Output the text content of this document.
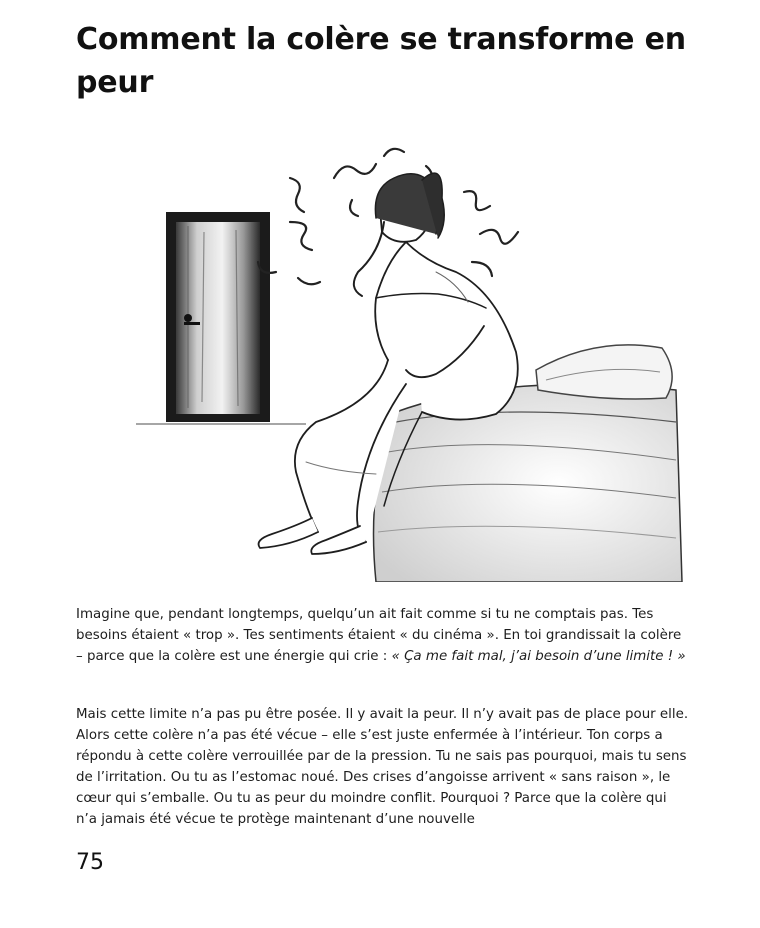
Comment la colère se transforme en peur

Imagine que, pendant longtemps, quelqu’un ait fait comme si tu ne comptais pas. Tes besoins étaient « trop ». Tes sentiments étaient « du cinéma ». En toi grandissait la colère – parce que la colère est une énergie qui crie : « Ça me fait mal, j’ai besoin d’une limite ! »

Mais cette limite n’a pas pu être posée. Il y avait la peur. Il n’y avait pas de place pour elle. Alors cette colère n’a pas été vécue – elle s’est juste enfermée à l’intérieur. Ton corps a répondu à cette colère verrouillée par de la pression. Tu ne sais pas pourquoi, mais tu sens de l’irritation. Ou tu as l’estomac noué. Des crises d’angoisse arrivent « sans raison », le cœur qui s’emballe. Ou tu as peur du moindre conflit. Pourquoi ? Parce que la colère qui n’a jamais été vécue te protège maintenant d’une nouvelle

75
